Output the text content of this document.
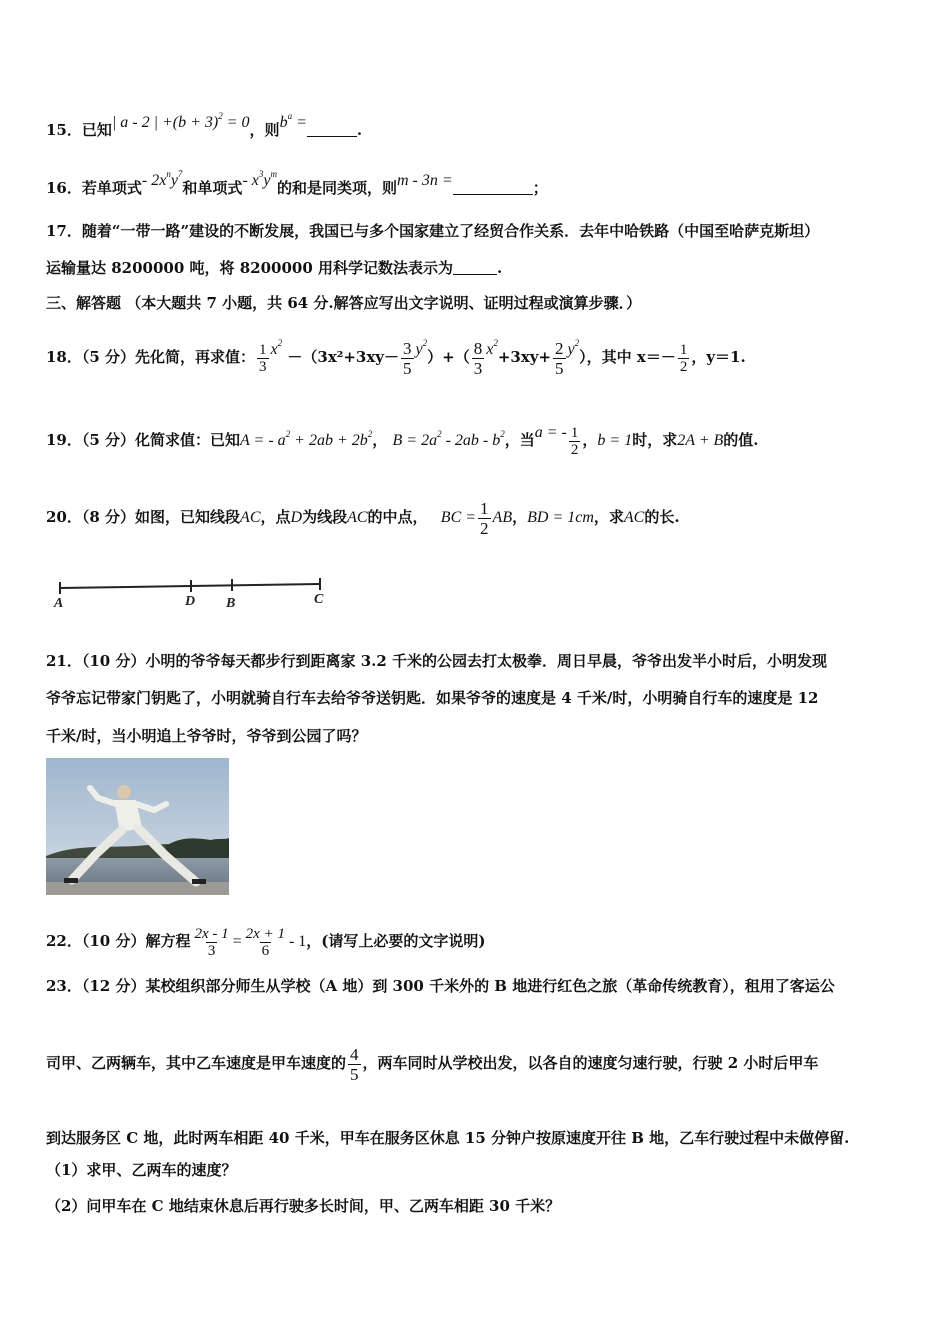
15．已知| a - 2 | $+(b + 3)^2 = 0$，则$b^a$ =	.
16．若单项式- $2x^ny^7$和单项式- $x^3y^m$的和是同类项，则m - 3n =	；
17．随着“一带一路”建设的不断发展，我国已与多个国家建立了经贸合作关系．去年中哈铁路（中国至哈萨克斯坦）
运输量达 8200000 吨，将 8200000 用科学记数法表示为	.
三、解答题 （本大题共 7 小题，共 64 分.解答应写出文字说明、证明过程或演算步骤．）
18．（5 分）先化简，再求值： $\frac{1}{3} x^2 -(3x^2+3xy- \frac{3}{5} y^2)+( \frac{8}{3} x^2+3xy+ \frac{2}{5} y^2)$，其中 $x=- \frac{1}{2}$ ，y＝1.
19．（5 分）化简求值：已知A = - $a^2 + 2ab + 2b^2$， $B = 2a^2 - 2ab - b^2$，当a = - $\frac{1}{2}$ ，b = 1时，求2A + B的值.
20．（8 分）如图，已知线段AC，点D为线段AC的中点， BC = $\frac{1}{2}$ AB，BD = 1cm，求AC的长.
A	D B	C
21．（10 分）小明的爷爷每天都步行到距离家 3.2 千米的公园去打太极拳．周日早晨，爷爷出发半小时后，小明发现
爷爷忘记带家门钥匙了，小明就骑自行车去给爷爷送钥匙．如果爷爷的速度是 4 千米/时，小明骑自行车的速度是 12
千米/时，当小明追上爷爷时，爷爷到公园了吗？
22．（10 分）解方程 $\frac{2x - 1}{3} = \frac{2x + 1}{6} - 1$，(请写上必要的文字说明)
23．（12 分）某校组织部分师生从学校（A 地）到 300 千米外的 B 地进行红色之旅（革命传统教育），租用了客运公
司甲、乙两辆车，其中乙车速度是甲车速度的 $\frac{4}{5}$ ，两车同时从学校出发，以各自的速度匀速行驶，行驶 2 小时后甲车
到达服务区 C 地，此时两车相距 40 千米，甲车在服务区休息 15 分钟户按原速度开往 B 地，乙车行驶过程中未做停留.
（1）求甲、乙两车的速度？
（2）问甲车在 C 地结束休息后再行驶多长时间，甲、乙两车相距 30 千米？
